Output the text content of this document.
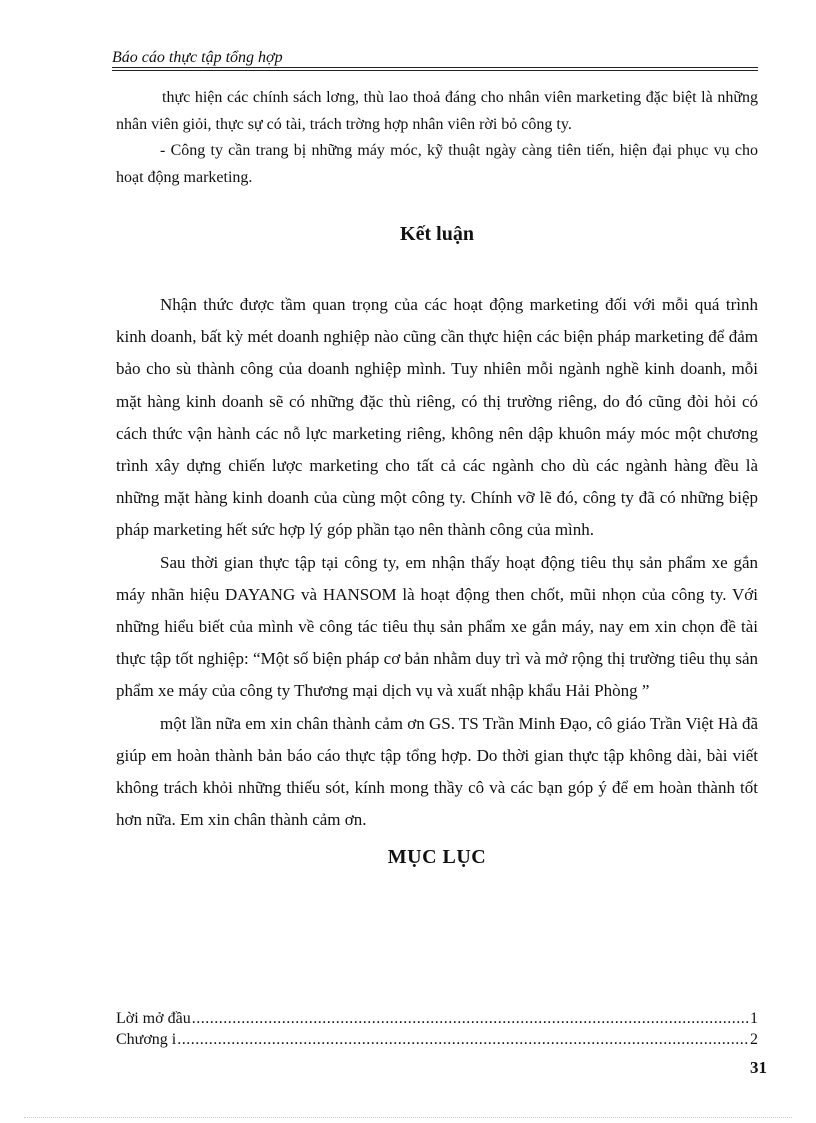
Báo cáo thực tập tổng hợp

thực hiện các chính sách lơng, thù lao thoả đáng cho nhân viên marketing đặc biệt là những nhân viên giỏi, thực sự có tài, trách trờng hợp nhân viên rời bỏ công ty.

- Công ty cần trang bị những máy móc, kỹ thuật ngày càng tiên tiến, hiện đại phục vụ cho hoạt động marketing.

Kết luận

Nhận thức được tầm quan trọng của các hoạt động marketing đối với mỗi quá trình kinh doanh, bất kỳ mét doanh nghiệp nào cũng cần thực hiện các biện pháp marketing để đảm bảo cho sù thành công của doanh nghiệp mình. Tuy nhiên mỗi ngành nghề kinh doanh, mỗi mặt hàng kinh doanh sẽ có những đặc thù riêng, có thị trường riêng, do đó cũng đòi hỏi có cách thức vận hành các nỗ lực marketing riêng, không nên dập khuôn máy móc một chương trình xây dựng chiến lược marketing cho tất cả các ngành cho dù các ngành hàng đều là những mặt hàng kinh doanh của cùng một công ty. Chính vỡ lẽ đó, công ty đã có những biệp pháp marketing hết sức hợp lý góp phần tạo nên thành công của mình.

Sau thời gian thực tập tại công ty, em nhận thấy hoạt động tiêu thụ sản phẩm xe gắn máy nhãn hiệu DAYANG và HANSOM là hoạt động then chốt, mũi nhọn của công ty. Với những hiểu biết của mình về công tác tiêu thụ sản phẩm xe gắn máy, nay em xin chọn đề tài thực tập tốt nghiệp: “Một số biện pháp cơ bản nhằm duy trì và mở rộng thị trường tiêu thụ sản phẩm xe máy của công ty Thương mại dịch vụ và xuất nhập khẩu Hải Phòng ”

một lần nữa em xin chân thành cảm ơn GS. TS Trần Minh Đạo, cô giáo Trần Việt Hà đã giúp em hoàn thành bản báo cáo thực tập tổng hợp. Do thời gian thực tập không dài, bài viết không trách khỏi những thiếu sót, kính mong thầy cô và các bạn góp ý để em hoàn thành tốt hơn nữa. Em xin chân thành cảm ơn.

MỤC LỤC
Lời mở đầu .....	1
Chương i .....	2
31
